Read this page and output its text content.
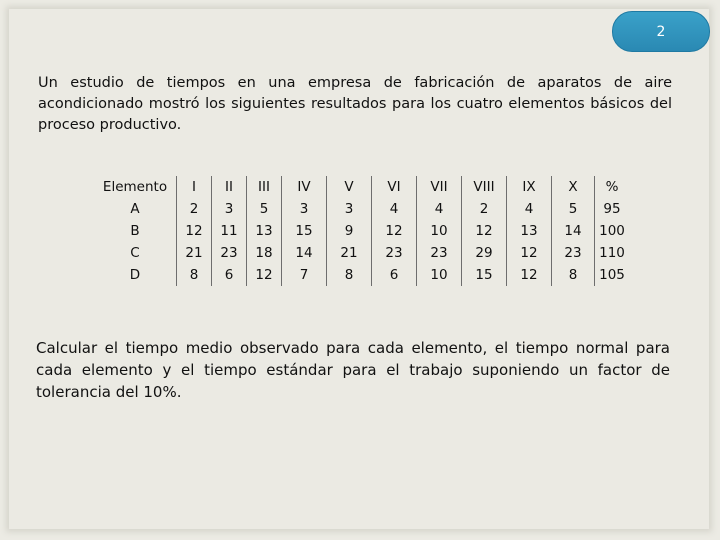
2

Un estudio de tiempos en una empresa de fabricación de aparatos de aire acondicionado mostró los siguientes resultados para los cuatro elementos básicos del proceso productivo.

Elemento	I	II	III	IV	V	VI	VII	VIII	IX	X	%
A	2	3	5	3	3	4	4	2	4	5	95
B	12	11	13	15	9	12	10	12	13	14	100
C	21	23	18	14	21	23	23	29	12	23	110
D	8	6	12	7	8	6	10	15	12	8	105

Calcular el tiempo medio observado para cada elemento, el tiempo normal para cada elemento y el tiempo estándar para el trabajo suponiendo un factor de tolerancia del 10%.
